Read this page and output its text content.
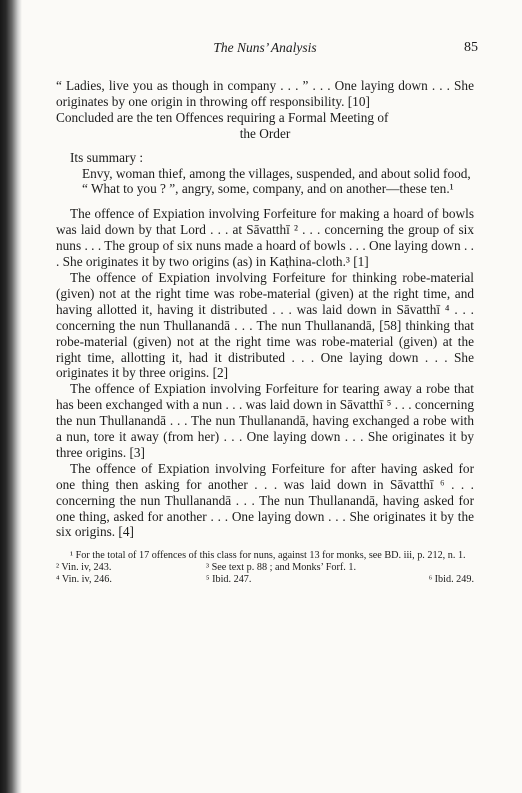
The Nuns’ Analysis	85

“ Ladies, live you as though in company . . . ” . . . One laying down . . . She originates by one origin in throwing off responsibility. [10]

Concluded are the ten Offences requiring a Formal Meeting of

the Order

Its summary :

Envy, woman thief, among the villages, suspended, and about solid food,

“ What to you ? ”, angry, some, company, and on another—these ten.¹

The offence of Expiation involving Forfeiture for making a hoard of bowls was laid down by that Lord . . . at Sāvatthī ² . . . concerning the group of six nuns . . . The group of six nuns made a hoard of bowls . . . One laying down . . . She originates it by two origins (as) in Kaṭhina-cloth.³ [1]

The offence of Expiation involving Forfeiture for thinking robe-material (given) not at the right time was robe-material (given) at the right time, and having allotted it, having it distributed . . . was laid down in Sāvatthī ⁴ . . . concerning the nun Thullanandā . . . The nun Thullanandā, [58] thinking that robe-material (given) not at the right time was robe-material (given) at the right time, allotting it, had it distributed . . . One laying down . . . She originates it by three origins. [2]

The offence of Expiation involving Forfeiture for tearing away a robe that has been exchanged with a nun . . . was laid down in Sāvatthī ⁵ . . . concerning the nun Thullanandā . . . The nun Thullanandā, having exchanged a robe with a nun, tore it away (from her) . . . One laying down . . . She originates it by three origins. [3]

The offence of Expiation involving Forfeiture for after having asked for one thing then asking for another . . . was laid down in Sāvatthī ⁶ . . . concerning the nun Thullanandā . . . The nun Thullanandā, having asked for one thing, asked for another . . . One laying down . . . She originates it by the six origins. [4]

¹ For the total of 17 offences of this class for nuns, against 13 for monks, see BD. iii, p. 212, n. 1.

² Vin. iv, 243.	³ See text p. 88 ; and Monks’ Forf. 1.
⁴ Vin. iv, 246.	⁵ Ibid. 247.	⁶ Ibid. 249.
